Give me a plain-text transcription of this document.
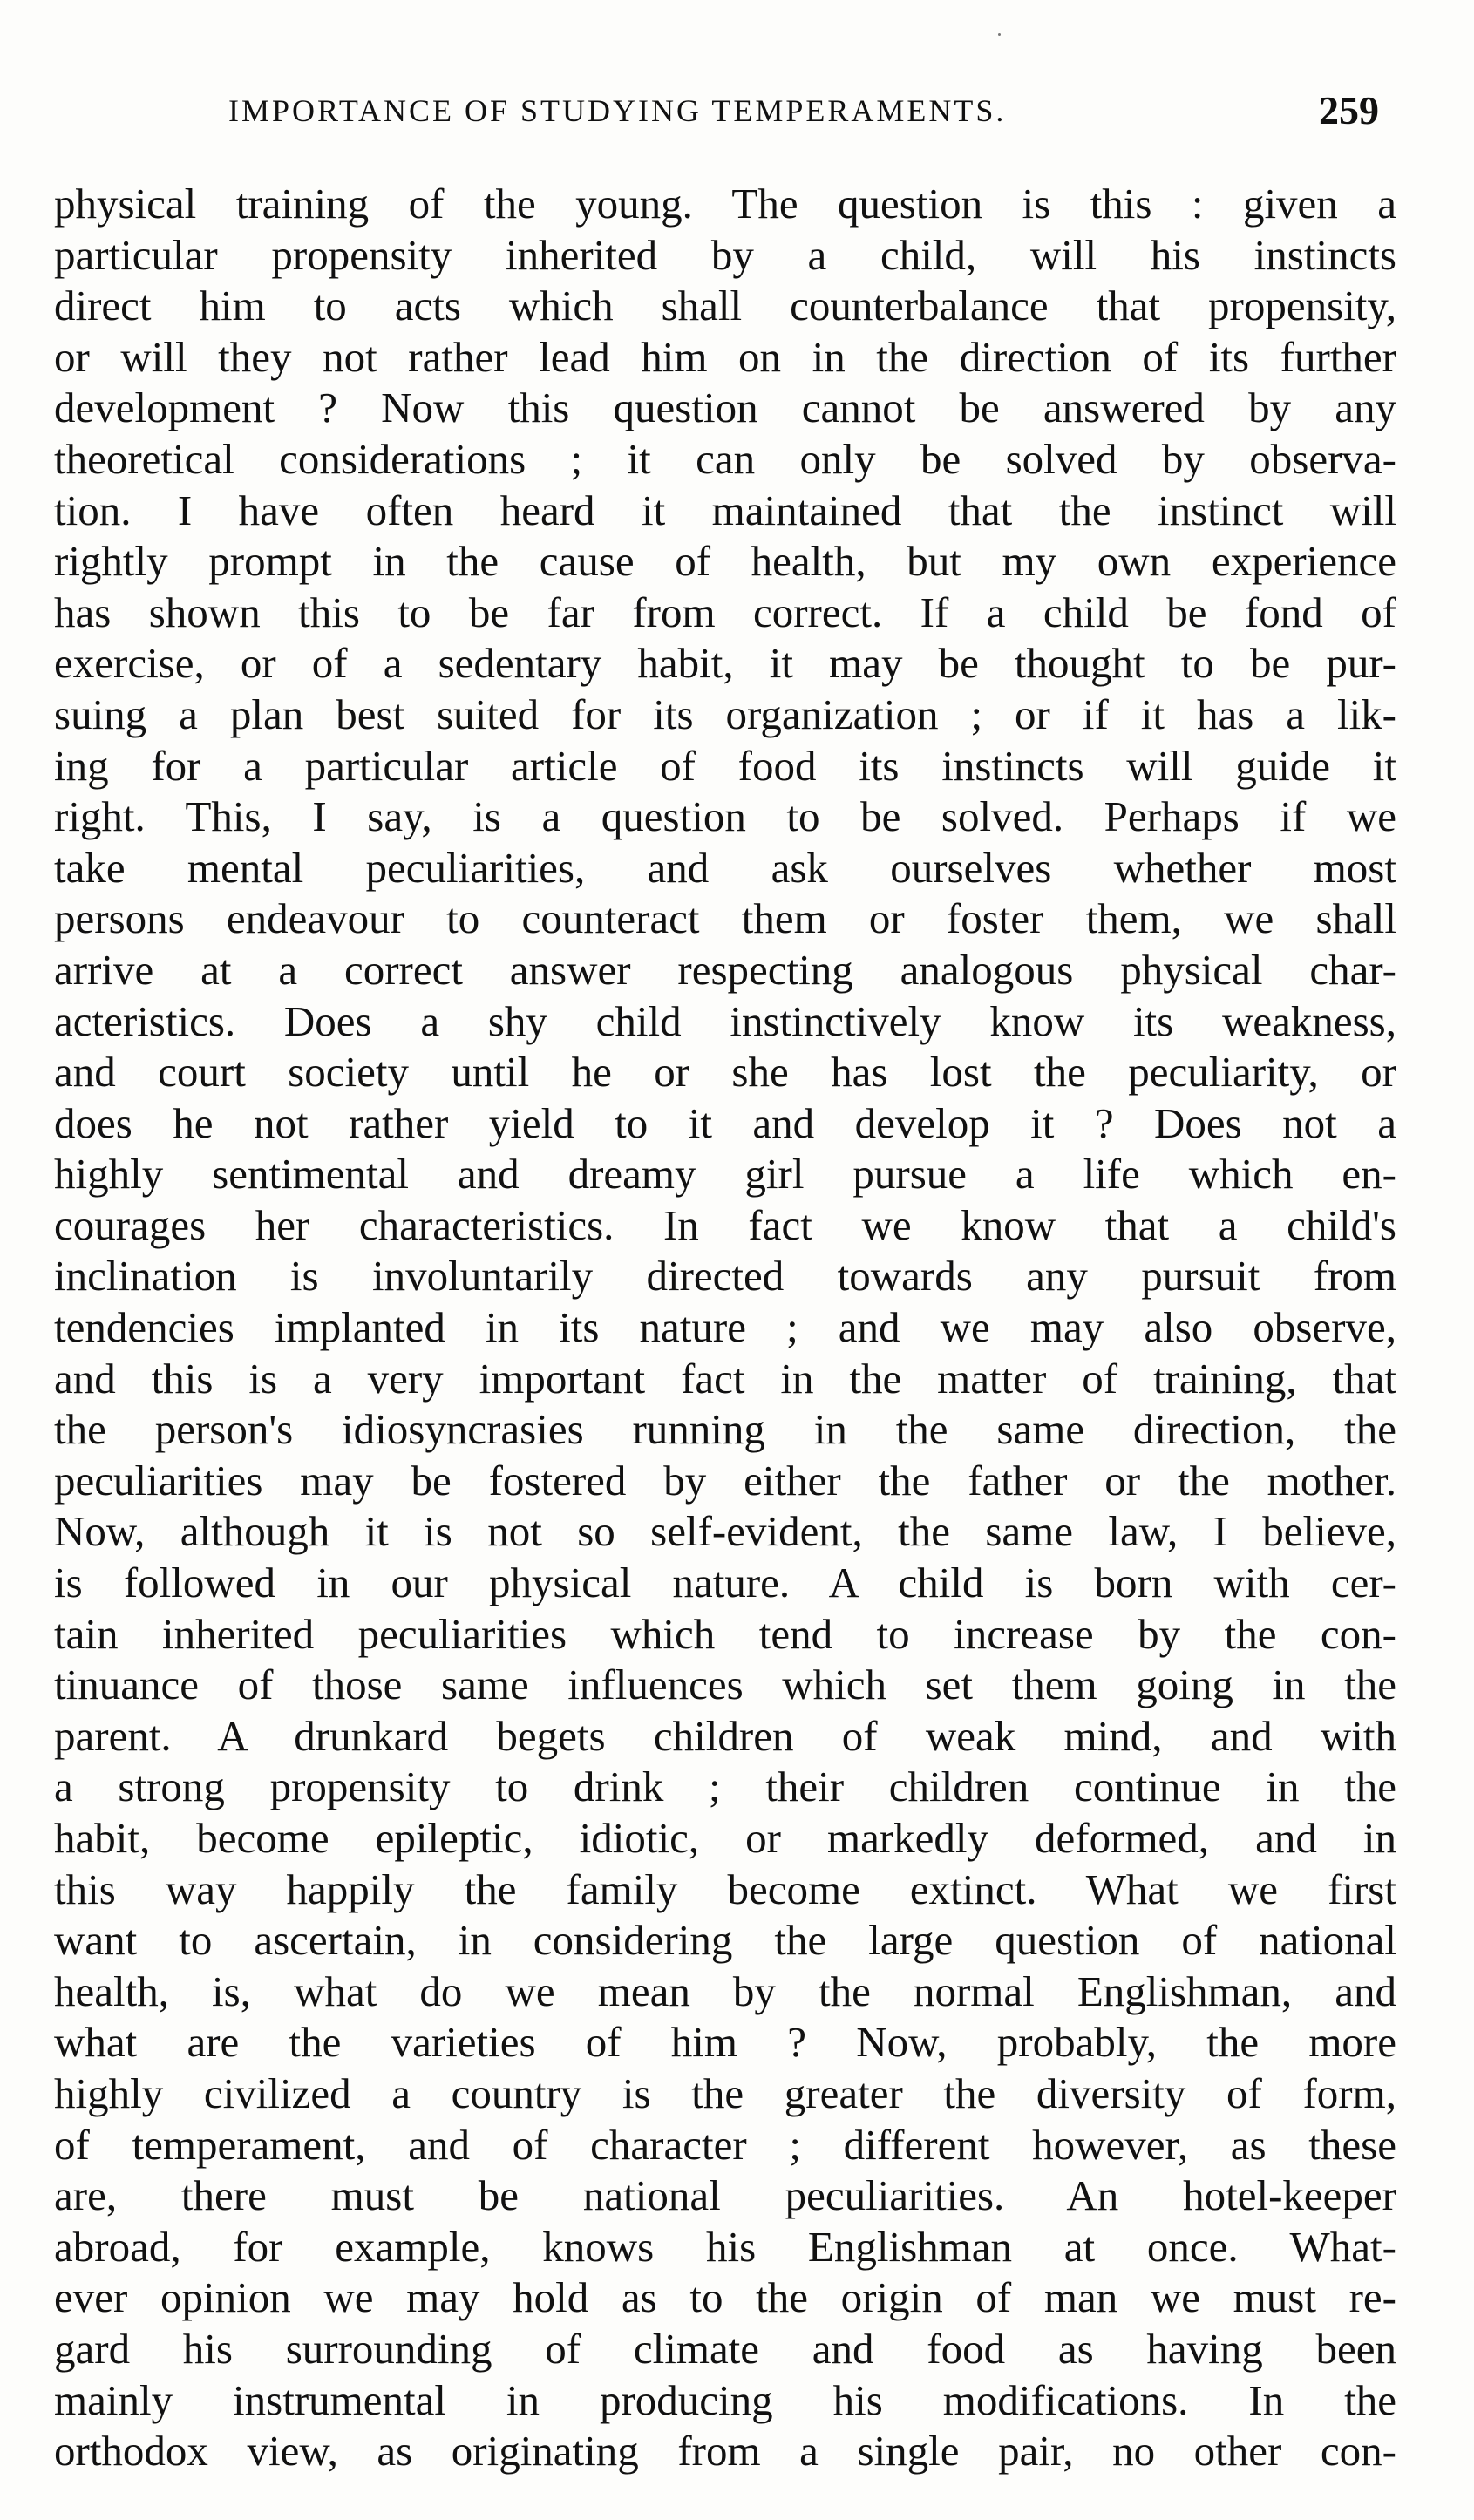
IMPORTANCE OF STUDYING TEMPERAMENTS.	259
physical training of the young. The question is this : given a
particular propensity inherited by a child, will his instincts
direct him to acts which shall counterbalance that propensity,
or will they not rather lead him on in the direction of its further
development ? Now this question cannot be answered by any
theoretical considerations ; it can only be solved by observa-
tion. I have often heard it maintained that the instinct will
rightly prompt in the cause of health, but my own experience
has shown this to be far from correct. If a child be fond of
exercise, or of a sedentary habit, it may be thought to be pur-
suing a plan best suited for its organization ; or if it has a lik-
ing for a particular article of food its instincts will guide it
right. This, I say, is a question to be solved. Perhaps if we
take mental peculiarities, and ask ourselves whether most
persons endeavour to counteract them or foster them, we shall
arrive at a correct answer respecting analogous physical char-
acteristics. Does a shy child instinctively know its weakness,
and court society until he or she has lost the peculiarity, or
does he not rather yield to it and develop it ? Does not a
highly sentimental and dreamy girl pursue a life which en-
courages her characteristics. In fact we know that a child's
inclination is involuntarily directed towards any pursuit from
tendencies implanted in its nature ; and we may also observe,
and this is a very important fact in the matter of training, that
the person's idiosyncrasies running in the same direction, the
peculiarities may be fostered by either the father or the mother.
Now, although it is not so self-evident, the same law, I believe,
is followed in our physical nature. A child is born with cer-
tain inherited peculiarities which tend to increase by the con-
tinuance of those same influences which set them going in the
parent. A drunkard begets children of weak mind, and with
a strong propensity to drink ; their children continue in the
habit, become epileptic, idiotic, or markedly deformed, and in
this way happily the family become extinct. What we first
want to ascertain, in considering the large question of national
health, is, what do we mean by the normal Englishman, and
what are the varieties of him ? Now, probably, the more
highly civilized a country is the greater the diversity of form,
of temperament, and of character ; different however, as these
are, there must be national peculiarities. An hotel-keeper
abroad, for example, knows his Englishman at once. What-
ever opinion we may hold as to the origin of man we must re-
gard his surrounding of climate and food as having been
mainly instrumental in producing his modifications. In the
orthodox view, as originating from a single pair, no other con-
